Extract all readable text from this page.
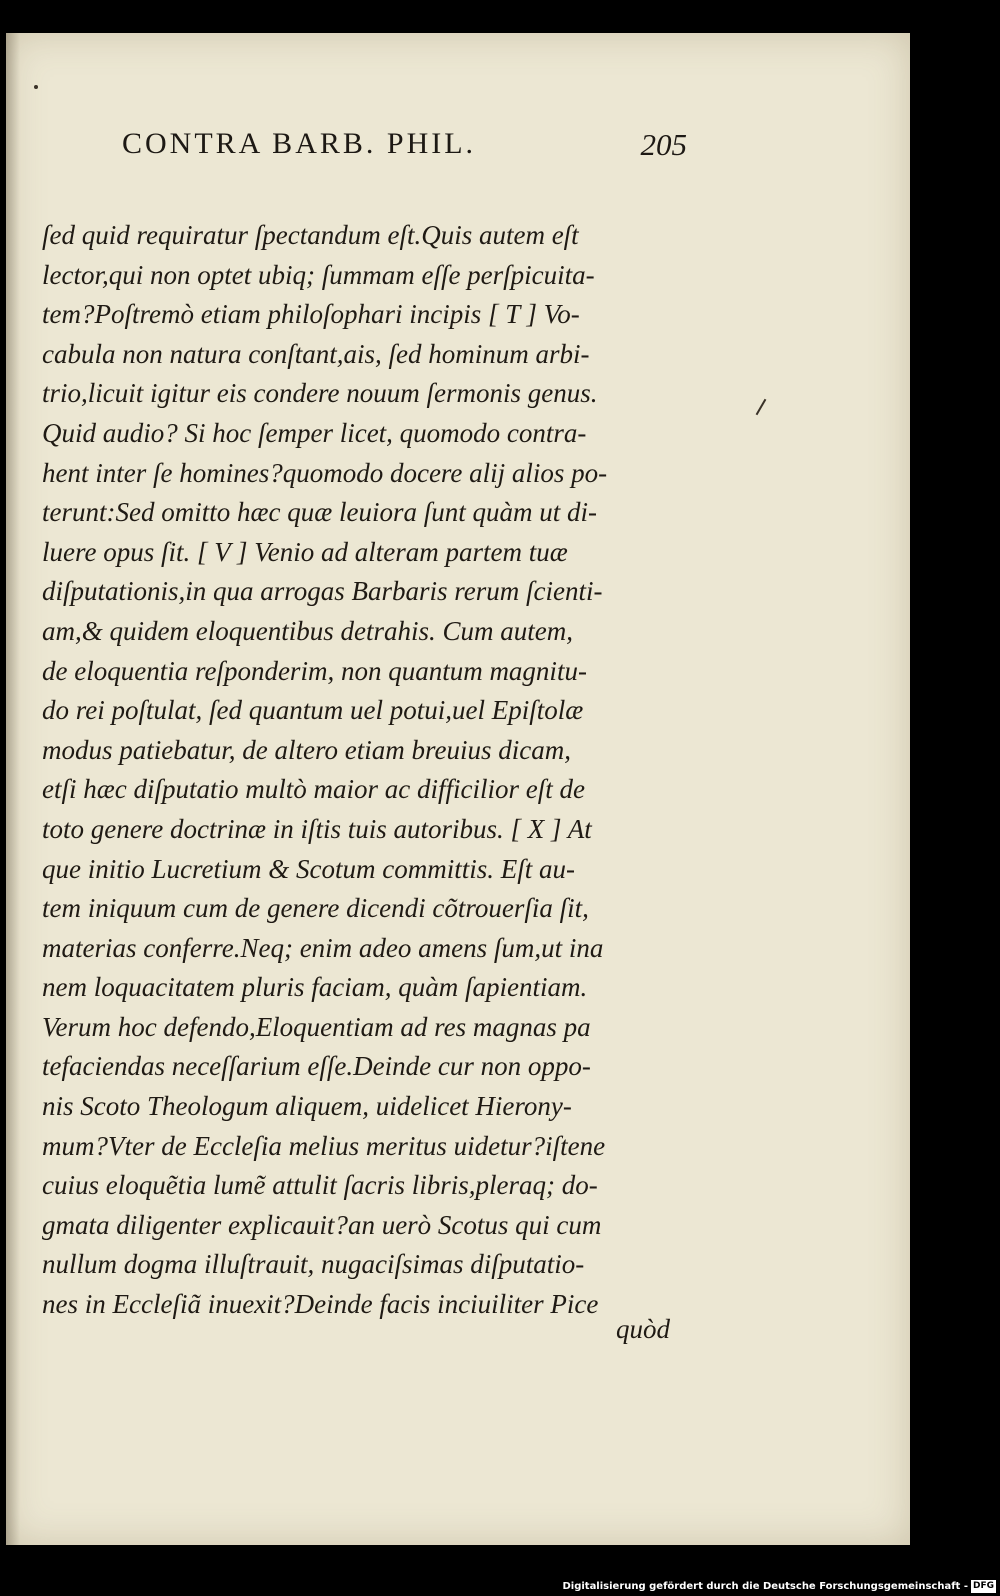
CONTRA BARB. PHIL.	205
ſed quid requiratur ſpectandum eſt.Quis autem eſt
lector,qui non optet ubiq; ſummam eſſe perſpicuita-
tem?Poſtremò etiam philoſophari incipis [ T ] Vo-
cabula non natura conſtant,ais, ſed hominum arbi-
trio,licuit igitur eis condere nouum ſermonis genus.
Quid audio? Si hoc ſemper licet, quomodo contra-
hent inter ſe homines?quomodo docere alij alios po-
terunt:Sed omitto hæc quæ leuiora ſunt quàm ut di-
luere opus ſit. [ V ] Venio ad alteram partem tuæ
diſputationis,in qua arrogas Barbaris rerum ſcienti-
am,& quidem eloquentibus detrahis. Cum autem,
de eloquentia reſponderim, non quantum magnitu-
do rei poſtulat, ſed quantum uel potui,uel Epiſtolæ
modus patiebatur, de altero etiam breuius dicam,
etſi hæc diſputatio multò maior ac difficilior eſt de
toto genere doctrinæ in iſtis tuis autoribus. [ X ] At
que initio Lucretium & Scotum committis. Eſt au-
tem iniquum cum de genere dicendi cõtrouerſia ſit,
materias conferre.Neq; enim adeo amens ſum,ut ina
nem loquacitatem pluris faciam, quàm ſapientiam.
Verum hoc defendo,Eloquentiam ad res magnas pa
tefaciendas neceſſarium eſſe.Deinde cur non oppo-
nis Scoto Theologum aliquem, uidelicet Hierony-
mum?Vter de Eccleſia melius meritus uidetur?iſtene
cuius eloquẽtia lumẽ attulit ſacris libris,pleraq; do-
gmata diligenter explicauit?an uerò Scotus qui cum
nullum dogma illuſtrauit, nugaciſsimas diſputatio-
nes in Eccleſiã inuexit?Deinde facis inciuiliter Pice
quòd
Digitalisierung gefördert durch die Deutsche Forschungsgemeinschaft - DFG
